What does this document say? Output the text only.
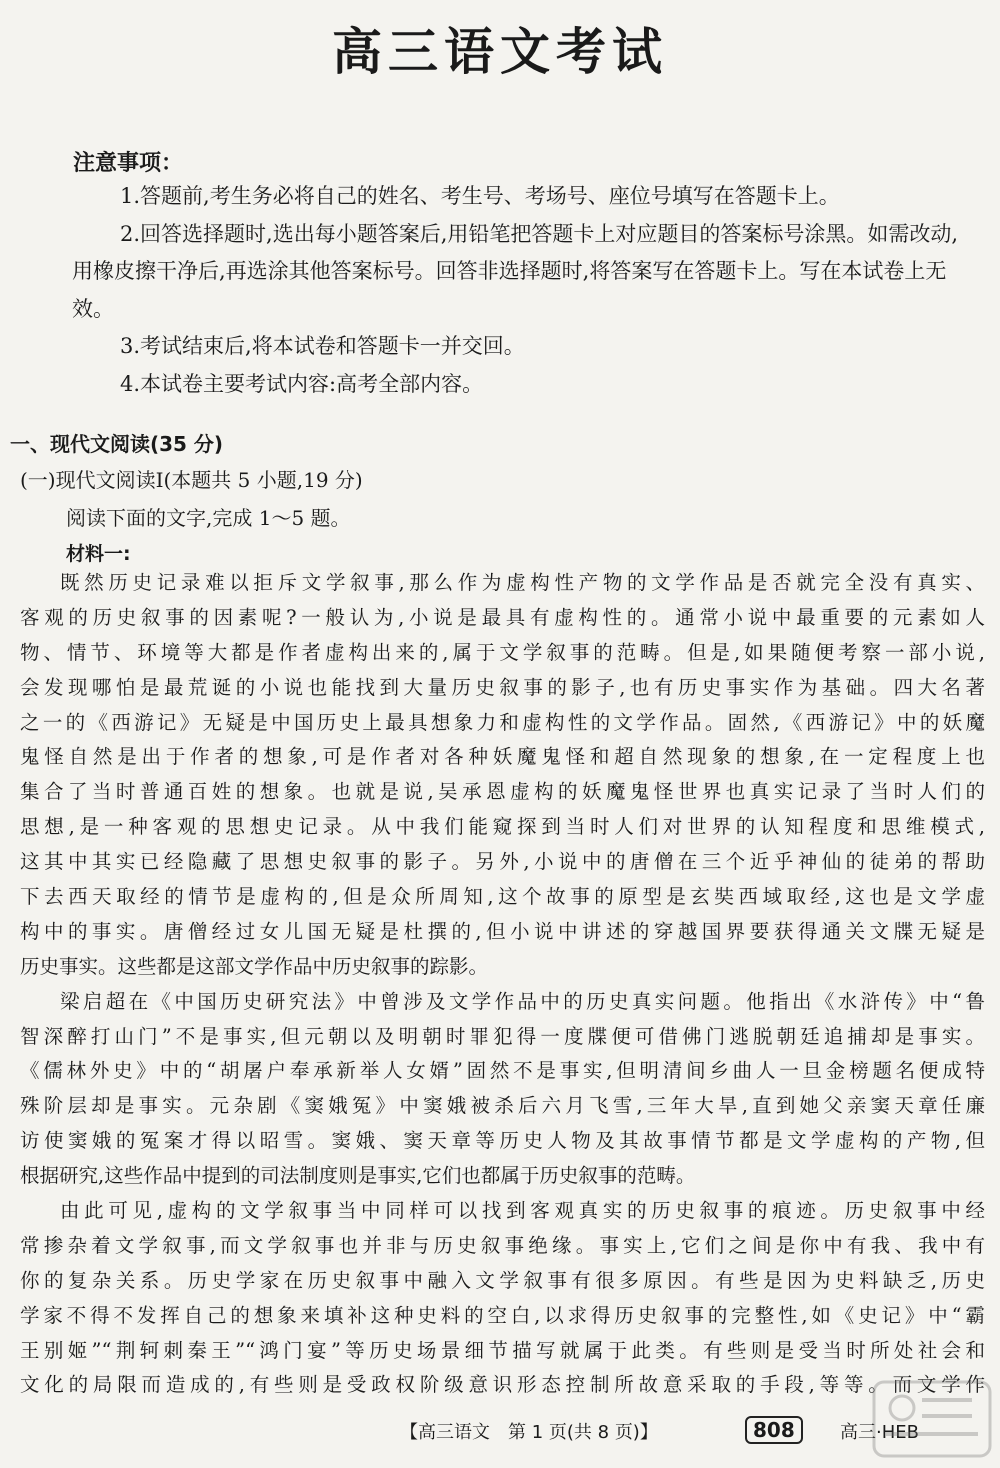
高三语文考试
注意事项：

1.答题前,考生务必将自己的姓名、考生号、考场号、座位号填写在答题卡上。

2.回答选择题时,选出每小题答案后,用铅笔把答题卡上对应题目的答案标号涂黑。如需改动,用橡皮擦干净后,再选涂其他答案标号。回答非选择题时,将答案写在答题卡上。写在本试卷上无效。

3.考试结束后,将本试卷和答题卡一并交回。

4.本试卷主要考试内容:高考全部内容。

一、现代文阅读(35 分)
(一)现代文阅读Ⅰ(本题共 5 小题,19 分)
阅读下面的文字,完成 1～5 题。
材料一:
既然历史记录难以拒斥文学叙事,那么作为虚构性产物的文学作品是否就完全没有真实、
客观的历史叙事的因素呢?一般认为,小说是最具有虚构性的。通常小说中最重要的元素如人
物、情节、环境等大都是作者虚构出来的,属于文学叙事的范畴。但是,如果随便考察一部小说,
会发现哪怕是最荒诞的小说也能找到大量历史叙事的影子,也有历史事实作为基础。四大名著
之一的《西游记》无疑是中国历史上最具想象力和虚构性的文学作品。固然,《西游记》中的妖魔
鬼怪自然是出于作者的想象,可是作者对各种妖魔鬼怪和超自然现象的想象,在一定程度上也
集合了当时普通百姓的想象。也就是说,吴承恩虚构的妖魔鬼怪世界也真实记录了当时人们的
思想,是一种客观的思想史记录。从中我们能窥探到当时人们对世界的认知程度和思维模式,
这其中其实已经隐藏了思想史叙事的影子。另外,小说中的唐僧在三个近乎神仙的徒弟的帮助
下去西天取经的情节是虚构的,但是众所周知,这个故事的原型是玄奘西域取经,这也是文学虚
构中的事实。唐僧经过女儿国无疑是杜撰的,但小说中讲述的穿越国界要获得通关文牒无疑是
历史事实。这些都是这部文学作品中历史叙事的踪影。
梁启超在《中国历史研究法》中曾涉及文学作品中的历史真实问题。他指出《水浒传》中“鲁
智深醉打山门”不是事实,但元朝以及明朝时罪犯得一度牒便可借佛门逃脱朝廷追捕却是事实。
《儒林外史》中的“胡屠户奉承新举人女婿”固然不是事实,但明清间乡曲人一旦金榜题名便成特
殊阶层却是事实。元杂剧《窦娥冤》中窦娥被杀后六月飞雪,三年大旱,直到她父亲窦天章任廉
访使窦娥的冤案才得以昭雪。窦娥、窦天章等历史人物及其故事情节都是文学虚构的产物,但
根据研究,这些作品中提到的司法制度则是事实,它们也都属于历史叙事的范畴。
由此可见,虚构的文学叙事当中同样可以找到客观真实的历史叙事的痕迹。历史叙事中经
常掺杂着文学叙事,而文学叙事也并非与历史叙事绝缘。事实上,它们之间是你中有我、我中有
你的复杂关系。历史学家在历史叙事中融入文学叙事有很多原因。有些是因为史料缺乏,历史
学家不得不发挥自己的想象来填补这种史料的空白,以求得历史叙事的完整性,如《史记》中“霸
王别姬”“荆轲刺秦王”“鸿门宴”等历史场景细节描写就属于此类。有些则是受当时所处社会和
文化的局限而造成的,有些则是受政权阶级意识形态控制所故意采取的手段,等等。而文学作
【高三语文　第 1 页(共 8 页)】	808	高三·HEB
